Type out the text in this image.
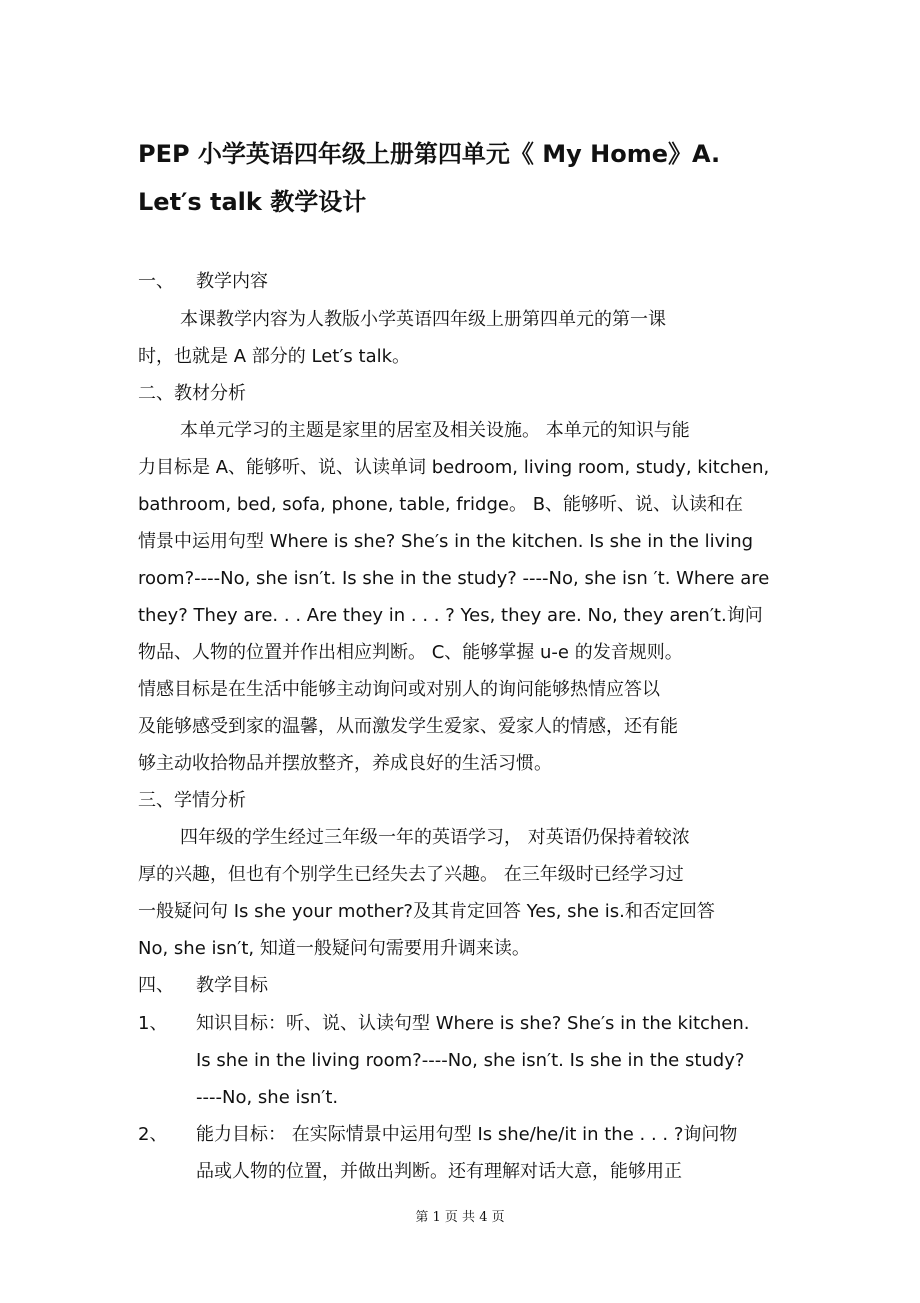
PEP 小学英语四年级上册第四单元《 My Home》A.
Let′s talk 教学设计
一、 教学内容
本课教学内容为人教版小学英语四年级上册第四单元的第一课
时，也就是 A 部分的 Let′s talk。
二、教材分析
本单元学习的主题是家里的居室及相关设施。 本单元的知识与能
力目标是 A、能够听、说、认读单词 bedroom, living room, study, kitchen,
bathroom, bed, sofa, phone, table, fridge。 B、能够听、说、认读和在
情景中运用句型 Where is she? She′s in the kitchen. Is she in the living
room?----No, she isn′t. Is she in the study? ----No, she isn ′t. Where are
they? They are. . . Are they in . . . ? Yes, they are. No, they aren′t.询问
物品、人物的位置并作出相应判断。 C、能够掌握 u-e 的发音规则。
情感目标是在生活中能够主动询问或对别人的询问能够热情应答以
及能够感受到家的温馨，从而激发学生爱家、爱家人的情感，还有能
够主动收拾物品并摆放整齐，养成良好的生活习惯。
三、学情分析
四年级的学生经过三年级一年的英语学习， 对英语仍保持着较浓
厚的兴趣，但也有个别学生已经失去了兴趣。 在三年级时已经学习过
一般疑问句 Is she your mother?及其肯定回答 Yes, she is.和否定回答
No, she isn′t, 知道一般疑问句需要用升调来读。
四、 教学目标
1、 知识目标：听、说、认读句型 Where is she? She′s in the kitchen.
Is she in the living room?----No, she isn′t. Is she in the study?
----No, she isn′t.
2、 能力目标： 在实际情景中运用句型 Is she/he/it in the . . . ?询问物
品或人物的位置，并做出判断。还有理解对话大意，能够用正
第 1 页 共 4 页
